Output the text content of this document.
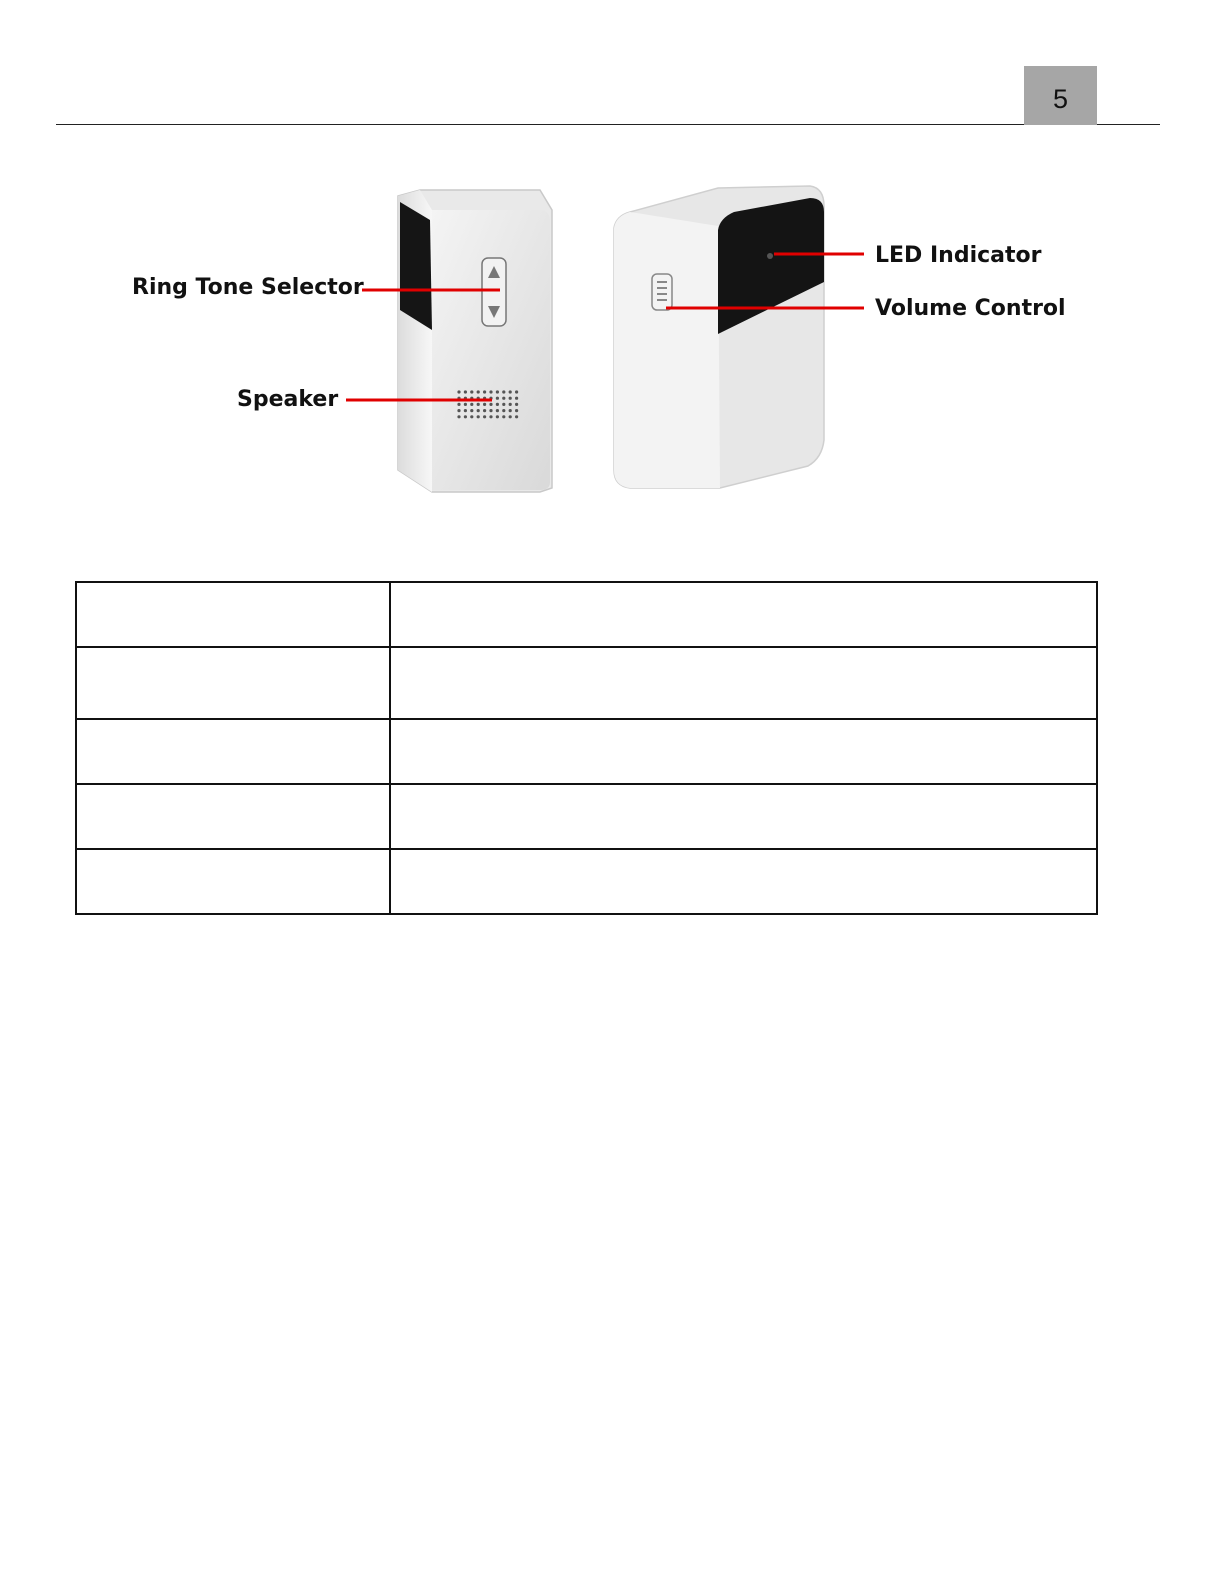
5
Ring Tone Selector
Speaker
LED Indicator
Volume Control
